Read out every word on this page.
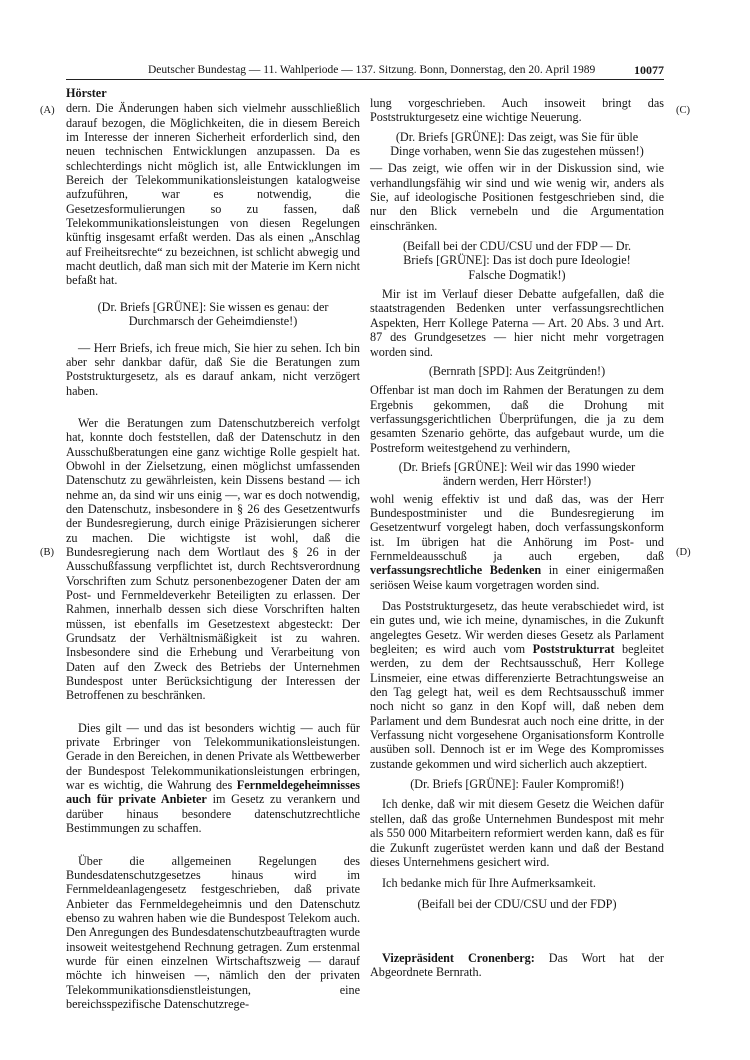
Deutscher Bundestag — 11. Wahlperiode — 137. Sitzung. Bonn, Donnerstag, den 20. April 1989	10077
(A)
(B)
(C)
(D)
Hörster

dern. Die Änderungen haben sich vielmehr ausschließlich darauf bezogen, die Möglichkeiten, die in diesem Bereich im Interesse der inneren Sicherheit erforderlich sind, den neuen technischen Entwicklungen anzupassen. Da es schlechterdings nicht möglich ist, alle Entwicklungen im Bereich der Telekommunikationsleistungen katalogweise aufzuführen, war es notwendig, die Gesetzesformulierungen so zu fassen, daß Telekommunikationsleistungen von diesen Regelungen künftig insgesamt erfaßt werden. Das als einen „Anschlag auf Freiheitsrechte“ zu bezeichnen, ist schlicht abwegig und macht deutlich, daß man sich mit der Materie im Kern nicht befaßt hat.

(Dr. Briefs [GRÜNE]: Sie wissen es genau: der Durchmarsch der Geheimdienste!)

— Herr Briefs, ich freue mich, Sie hier zu sehen. Ich bin aber sehr dankbar dafür, daß Sie die Beratungen zum Poststrukturgesetz, als es darauf ankam, nicht verzögert haben.

Wer die Beratungen zum Datenschutzbereich verfolgt hat, konnte doch feststellen, daß der Datenschutz in den Ausschußberatungen eine ganz wichtige Rolle gespielt hat. Obwohl in der Zielsetzung, einen möglichst umfassenden Datenschutz zu gewährleisten, kein Dissens bestand — ich nehme an, da sind wir uns einig —, war es doch notwendig, den Datenschutz, insbesondere in § 26 des Gesetzentwurfs der Bundesregierung, durch einige Präzisierungen sicherer zu machen. Die wichtigste ist wohl, daß die Bundesregierung nach dem Wortlaut des § 26 in der Ausschußfassung verpflichtet ist, durch Rechtsverordnung Vorschriften zum Schutz personenbezogener Daten der am Post- und Fernmeldeverkehr Beteiligten zu erlassen. Der Rahmen, innerhalb dessen sich diese Vorschriften halten müssen, ist ebenfalls im Gesetzestext abgesteckt: Der Grundsatz der Verhältnismäßigkeit ist zu wahren. Insbesondere sind die Erhebung und Verarbeitung von Daten auf den Zweck des Betriebs der Unternehmen Bundespost unter Berücksichtigung der Interessen der Betroffenen zu beschränken.

Dies gilt — und das ist besonders wichtig — auch für private Erbringer von Telekommunikationsleistungen. Gerade in den Bereichen, in denen Private als Wettbewerber der Bundespost Telekommunikationsleistungen erbringen, war es wichtig, die Wahrung des Fernmeldegeheimnisses auch für private Anbieter im Gesetz zu verankern und darüber hinaus besondere datenschutzrechtliche Bestimmungen zu schaffen.

Über die allgemeinen Regelungen des Bundesdatenschutzgesetzes hinaus wird im Fernmeldeanlagengesetz festgeschrieben, daß private Anbieter das Fernmeldegeheimnis und den Datenschutz ebenso zu wahren haben wie die Bundespost Telekom auch. Den Anregungen des Bundesdatenschutzbeauftragten wurde insoweit weitestgehend Rechnung getragen. Zum erstenmal wurde für einen einzelnen Wirtschaftszweig — darauf möchte ich hinweisen —, nämlich den der privaten Telekommunikationsdienstleistungen, eine bereichsspezifische Datenschutzrege-

lung vorgeschrieben. Auch insoweit bringt das Poststrukturgesetz eine wichtige Neuerung.

(Dr. Briefs [GRÜNE]: Das zeigt, was Sie für üble Dinge vorhaben, wenn Sie das zugestehen müssen!)

— Das zeigt, wie offen wir in der Diskussion sind, wie verhandlungsfähig wir sind und wie wenig wir, anders als Sie, auf ideologische Positionen festgeschrieben sind, die nur den Blick vernebeln und die Argumentation einschränken.

(Beifall bei der CDU/CSU und der FDP — Dr. Briefs [GRÜNE]: Das ist doch pure Ideologie! Falsche Dogmatik!)

Mir ist im Verlauf dieser Debatte aufgefallen, daß die staatstragenden Bedenken unter verfassungsrechtlichen Aspekten, Herr Kollege Paterna — Art. 20 Abs. 3 und Art. 87 des Grundgesetzes — hier nicht mehr vorgetragen worden sind.

(Bernrath [SPD]: Aus Zeitgründen!)

Offenbar ist man doch im Rahmen der Beratungen zu dem Ergebnis gekommen, daß die Drohung mit verfassungsgerichtlichen Überprüfungen, die ja zu dem gesamten Szenario gehörte, das aufgebaut wurde, um die Postreform weitestgehend zu verhindern,

(Dr. Briefs [GRÜNE]: Weil wir das 1990 wieder ändern werden, Herr Hörster!)

wohl wenig effektiv ist und daß das, was der Herr Bundespostminister und die Bundesregierung im Gesetzentwurf vorgelegt haben, doch verfassungskonform ist. Im übrigen hat die Anhörung im Post- und Fernmeldeausschuß ja auch ergeben, daß verfassungsrechtliche Bedenken in einer einigermaßen seriösen Weise kaum vorgetragen worden sind.

Das Poststrukturgesetz, das heute verabschiedet wird, ist ein gutes und, wie ich meine, dynamisches, in die Zukunft angelegtes Gesetz. Wir werden dieses Gesetz als Parlament begleiten; es wird auch vom Poststrukturrat begleitet werden, zu dem der Rechtsausschuß, Herr Kollege Linsmeier, eine etwas differenzierte Betrachtungsweise an den Tag gelegt hat, weil es dem Rechtsausschuß immer noch nicht so ganz in den Kopf will, daß neben dem Parlament und dem Bundesrat auch noch eine dritte, in der Verfassung nicht vorgesehene Organisationsform Kontrolle ausüben soll. Dennoch ist er im Wege des Kompromisses zustande gekommen und wird sicherlich auch akzeptiert.

(Dr. Briefs [GRÜNE]: Fauler Kompromiß!)

Ich denke, daß wir mit diesem Gesetz die Weichen dafür stellen, daß das große Unternehmen Bundespost mit mehr als 550 000 Mitarbeitern reformiert werden kann, daß es für die Zukunft zugerüstet werden kann und daß der Bestand dieses Unternehmens gesichert wird.

Ich bedanke mich für Ihre Aufmerksamkeit.

(Beifall bei der CDU/CSU und der FDP)

Vizepräsident Cronenberg: Das Wort hat der Abgeordnete Bernrath.
